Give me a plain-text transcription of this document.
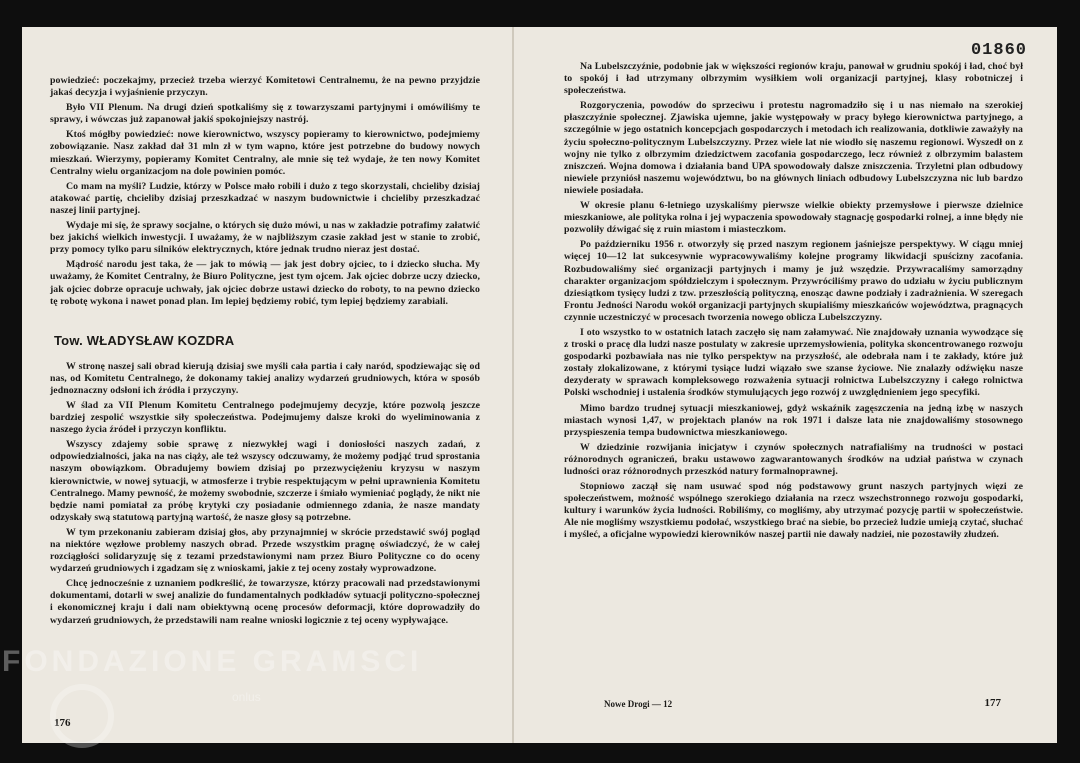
powiedzieć: poczekajmy, przecież trzeba wierzyć Komitetowi Centralnemu, że na pewno przyjdzie jakaś decyzja i wyjaśnienie przyczyn.

Było VII Plenum. Na drugi dzień spotkaliśmy się z towarzyszami partyjnymi i omówiliśmy te sprawy, i wówczas już zapanował jakiś spokojniejszy nastrój.

Ktoś mógłby powiedzieć: nowe kierownictwo, wszyscy popieramy to kierownictwo, podejmiemy zobowiązanie. Nasz zakład dał 31 mln zł w tym wapno, które jest potrzebne do budowy nowych mieszkań. Wierzymy, popieramy Komitet Centralny, ale mnie się też wydaje, że ten nowy Komitet Centralny wielu organizacjom na dole powinien pomóc.

Co mam na myśli? Ludzie, którzy w Polsce mało robili i dużo z tego skorzystali, chcieliby dzisiaj atakować partię, chcieliby dzisiaj przeszkadzać w naszym budownictwie i chcieliby przeszkadzać naszej linii partyjnej.

Wydaje mi się, że sprawy socjalne, o których się dużo mówi, u nas w zakładzie potrafimy załatwić bez jakichś wielkich inwestycji. I uważamy, że w najbliższym czasie zakład jest w stanie to zrobić, przy pomocy tylko paru silników elektrycznych, które jednak trudno nieraz jest dostać.

Mądrość narodu jest taka, że — jak to mówią — jak jest dobry ojciec, to i dziecko słucha. My uważamy, że Komitet Centralny, że Biuro Polityczne, jest tym ojcem. Jak ojciec dobrze uczy dziecko, jak ojciec dobrze opracuje uchwały, jak ojciec dobrze ustawi dziecko do roboty, to na pewno dziecko tę robotę wykona i nawet ponad plan. Im lepiej będziemy robić, tym lepiej będziemy zarabiali.

Tow. WŁADYSŁAW KOZDRA

W stronę naszej sali obrad kierują dzisiaj swe myśli cała partia i cały naród, spodziewając się od nas, od Komitetu Centralnego, że dokonamy takiej analizy wydarzeń grudniowych, która w sposób jednoznaczny odsłoni ich źródła i przyczyny.

W ślad za VII Plenum Komitetu Centralnego podejmujemy decyzje, które pozwolą jeszcze bardziej zespolić wszystkie siły społeczeństwa. Podejmujemy dalsze kroki do wyeliminowania z naszego życia źródeł i przyczyn konfliktu.

Wszyscy zdajemy sobie sprawę z niezwykłej wagi i doniosłości naszych zadań, z odpowiedzialności, jaka na nas ciąży, ale też wszyscy odczuwamy, że możemy podjąć trud sprostania naszym obowiązkom. Obradujemy bowiem dzisiaj po przezwyciężeniu kryzysu w naszym kierownictwie, w nowej sytuacji, w atmosferze i trybie respektującym w pełni uprawnienia Komitetu Centralnego. Mamy pewność, że możemy swobodnie, szczerze i śmiało wymieniać poglądy, że nikt nie będzie nami pomiatał za próbę krytyki czy posiadanie odmiennego zdania, że nasze mandaty odzyskały swą statutową partyjną wartość, że nasze głosy są potrzebne.

W tym przekonaniu zabieram dzisiaj głos, aby przynajmniej w skrócie przedstawić swój pogląd na niektóre węzłowe problemy naszych obrad. Przede wszystkim pragnę oświadczyć, że w całej rozciągłości solidaryzuję się z tezami przedstawionymi nam przez Biuro Polityczne co do oceny wydarzeń grudniowych i zgadzam się z wnioskami, jakie z tej oceny zostały wyprowadzone.

Chcę jednocześnie z uznaniem podkreślić, że towarzysze, którzy pracowali nad przedstawionymi dokumentami, dotarli w swej analizie do fundamentalnych podkładów sytuacji polityczno-społecznej i ekonomicznej kraju i dali nam obiektywną ocenę procesów deformacji, które doprowadziły do wydarzeń grudniowych, że przedstawili nam realne wnioski logicznie z tej oceny wypływające.

176
01860

Na Lubelszczyźnie, podobnie jak w większości regionów kraju, panował w grudniu spokój i ład, choć był to spokój i ład utrzymany olbrzymim wysiłkiem woli organizacji partyjnej, klasy robotniczej i społeczeństwa.

Rozgoryczenia, powodów do sprzeciwu i protestu nagromadziło się i u nas niemało na szerokiej płaszczyźnie społecznej. Zjawiska ujemne, jakie występowały w pracy byłego kierownictwa partyjnego, a szczególnie w jego ostatnich koncepcjach gospodarczych i metodach ich realizowania, dotkliwie zaważyły na życiu społeczno-politycznym Lubelszczyzny. Przez wiele lat nie wiodło się naszemu regionowi. Wyszedł on z wojny nie tylko z olbrzymim dziedzictwem zacofania gospodarczego, lecz również z olbrzymim balastem zniszczeń. Wojna domowa i działania band UPA spowodowały dalsze zniszczenia. Trzyletni plan odbudowy niewiele przyniósł naszemu województwu, bo na głównych liniach odbudowy Lubelszczyzna nic lub bardzo niewiele posiadała.

W okresie planu 6-letniego uzyskaliśmy pierwsze wielkie obiekty przemysłowe i pierwsze dzielnice mieszkaniowe, ale polityka rolna i jej wypaczenia spowodowały stagnację gospodarki rolnej, a inne błędy nie pozwoliły dźwigać się z ruin miastom i miasteczkom.

Po październiku 1956 r. otworzyły się przed naszym regionem jaśniejsze perspektywy. W ciągu mniej więcej 10—12 lat sukcesywnie wypracowywaliśmy kolejne programy likwidacji spuścizny zacofania. Rozbudowaliśmy sieć organizacji partyjnych i mamy je już wszędzie. Przywracaliśmy samorządny charakter organizacjom spółdzielczym i społecznym. Przywróciliśmy prawo do udziału w życiu publicznym dziesiątkom tysięcy ludzi z tzw. przeszłością polityczną, enosząc dawne podziały i zadrażnienia. W szeregach Frontu Jedności Narodu wokół organizacji partyjnych skupialiśmy mieszkańców województwa, pragnących czynnie uczestniczyć w procesach tworzenia nowego oblicza Lubelszczyzny.

I oto wszystko to w ostatnich latach zaczęło się nam załamywać. Nie znajdowały uznania wywodzące się z troski o pracę dla ludzi nasze postulaty w zakresie uprzemysłowienia, polityka skoncentrowanego rozwoju gospodarki pozbawiała nas nie tylko perspektyw na przyszłość, ale odebrała nam i te zakłady, które już zostały zlokalizowane, z którymi tysiące ludzi wiązało swe szanse życiowe. Nie znalazły odźwięku nasze dezyderaty w sprawach kompleksowego rozważenia sytuacji rolnictwa Lubelszczyzny i całego rolnictwa Polski wschodniej i ustalenia środków stymulujących jego rozwój z uwzględnieniem jego specyfiki.

Mimo bardzo trudnej sytuacji mieszkaniowej, gdyż wskaźnik zagęszczenia na jedną izbę w naszych miastach wynosi 1,47, w projektach planów na rok 1971 i dalsze lata nie znajdowaliśmy stosownego przyspieszenia tempa budownictwa mieszkaniowego.

W dziedzinie rozwijania inicjatyw i czynów społecznych natrafialiśmy na trudności w postaci różnorodnych ograniczeń, braku ustawowo zagwarantowanych środków na udział państwa w czynach ludności oraz różnorodnych przeszkód natury formalnoprawnej.

Stopniowo zaczął się nam usuwać spod nóg podstawowy grunt naszych partyjnych więzi ze społeczeństwem, możność wspólnego szerokiego działania na rzecz wszechstronnego rozwoju gospodarki, kultury i warunków życia ludności. Robiliśmy, co mogliśmy, aby utrzymać pozycję partii w społeczeństwie. Ale nie mogliśmy wszystkiemu podołać, wszystkiego brać na siebie, bo przecież ludzie umieją czytać, słuchać i myśleć, a oficjalne wypowiedzi kierowników naszej partii nie dawały nadziei, nie pozostawiły złudzeń.

Nowe Drogi — 12	177
FONDAZIONE GRAMSCI
onlus
